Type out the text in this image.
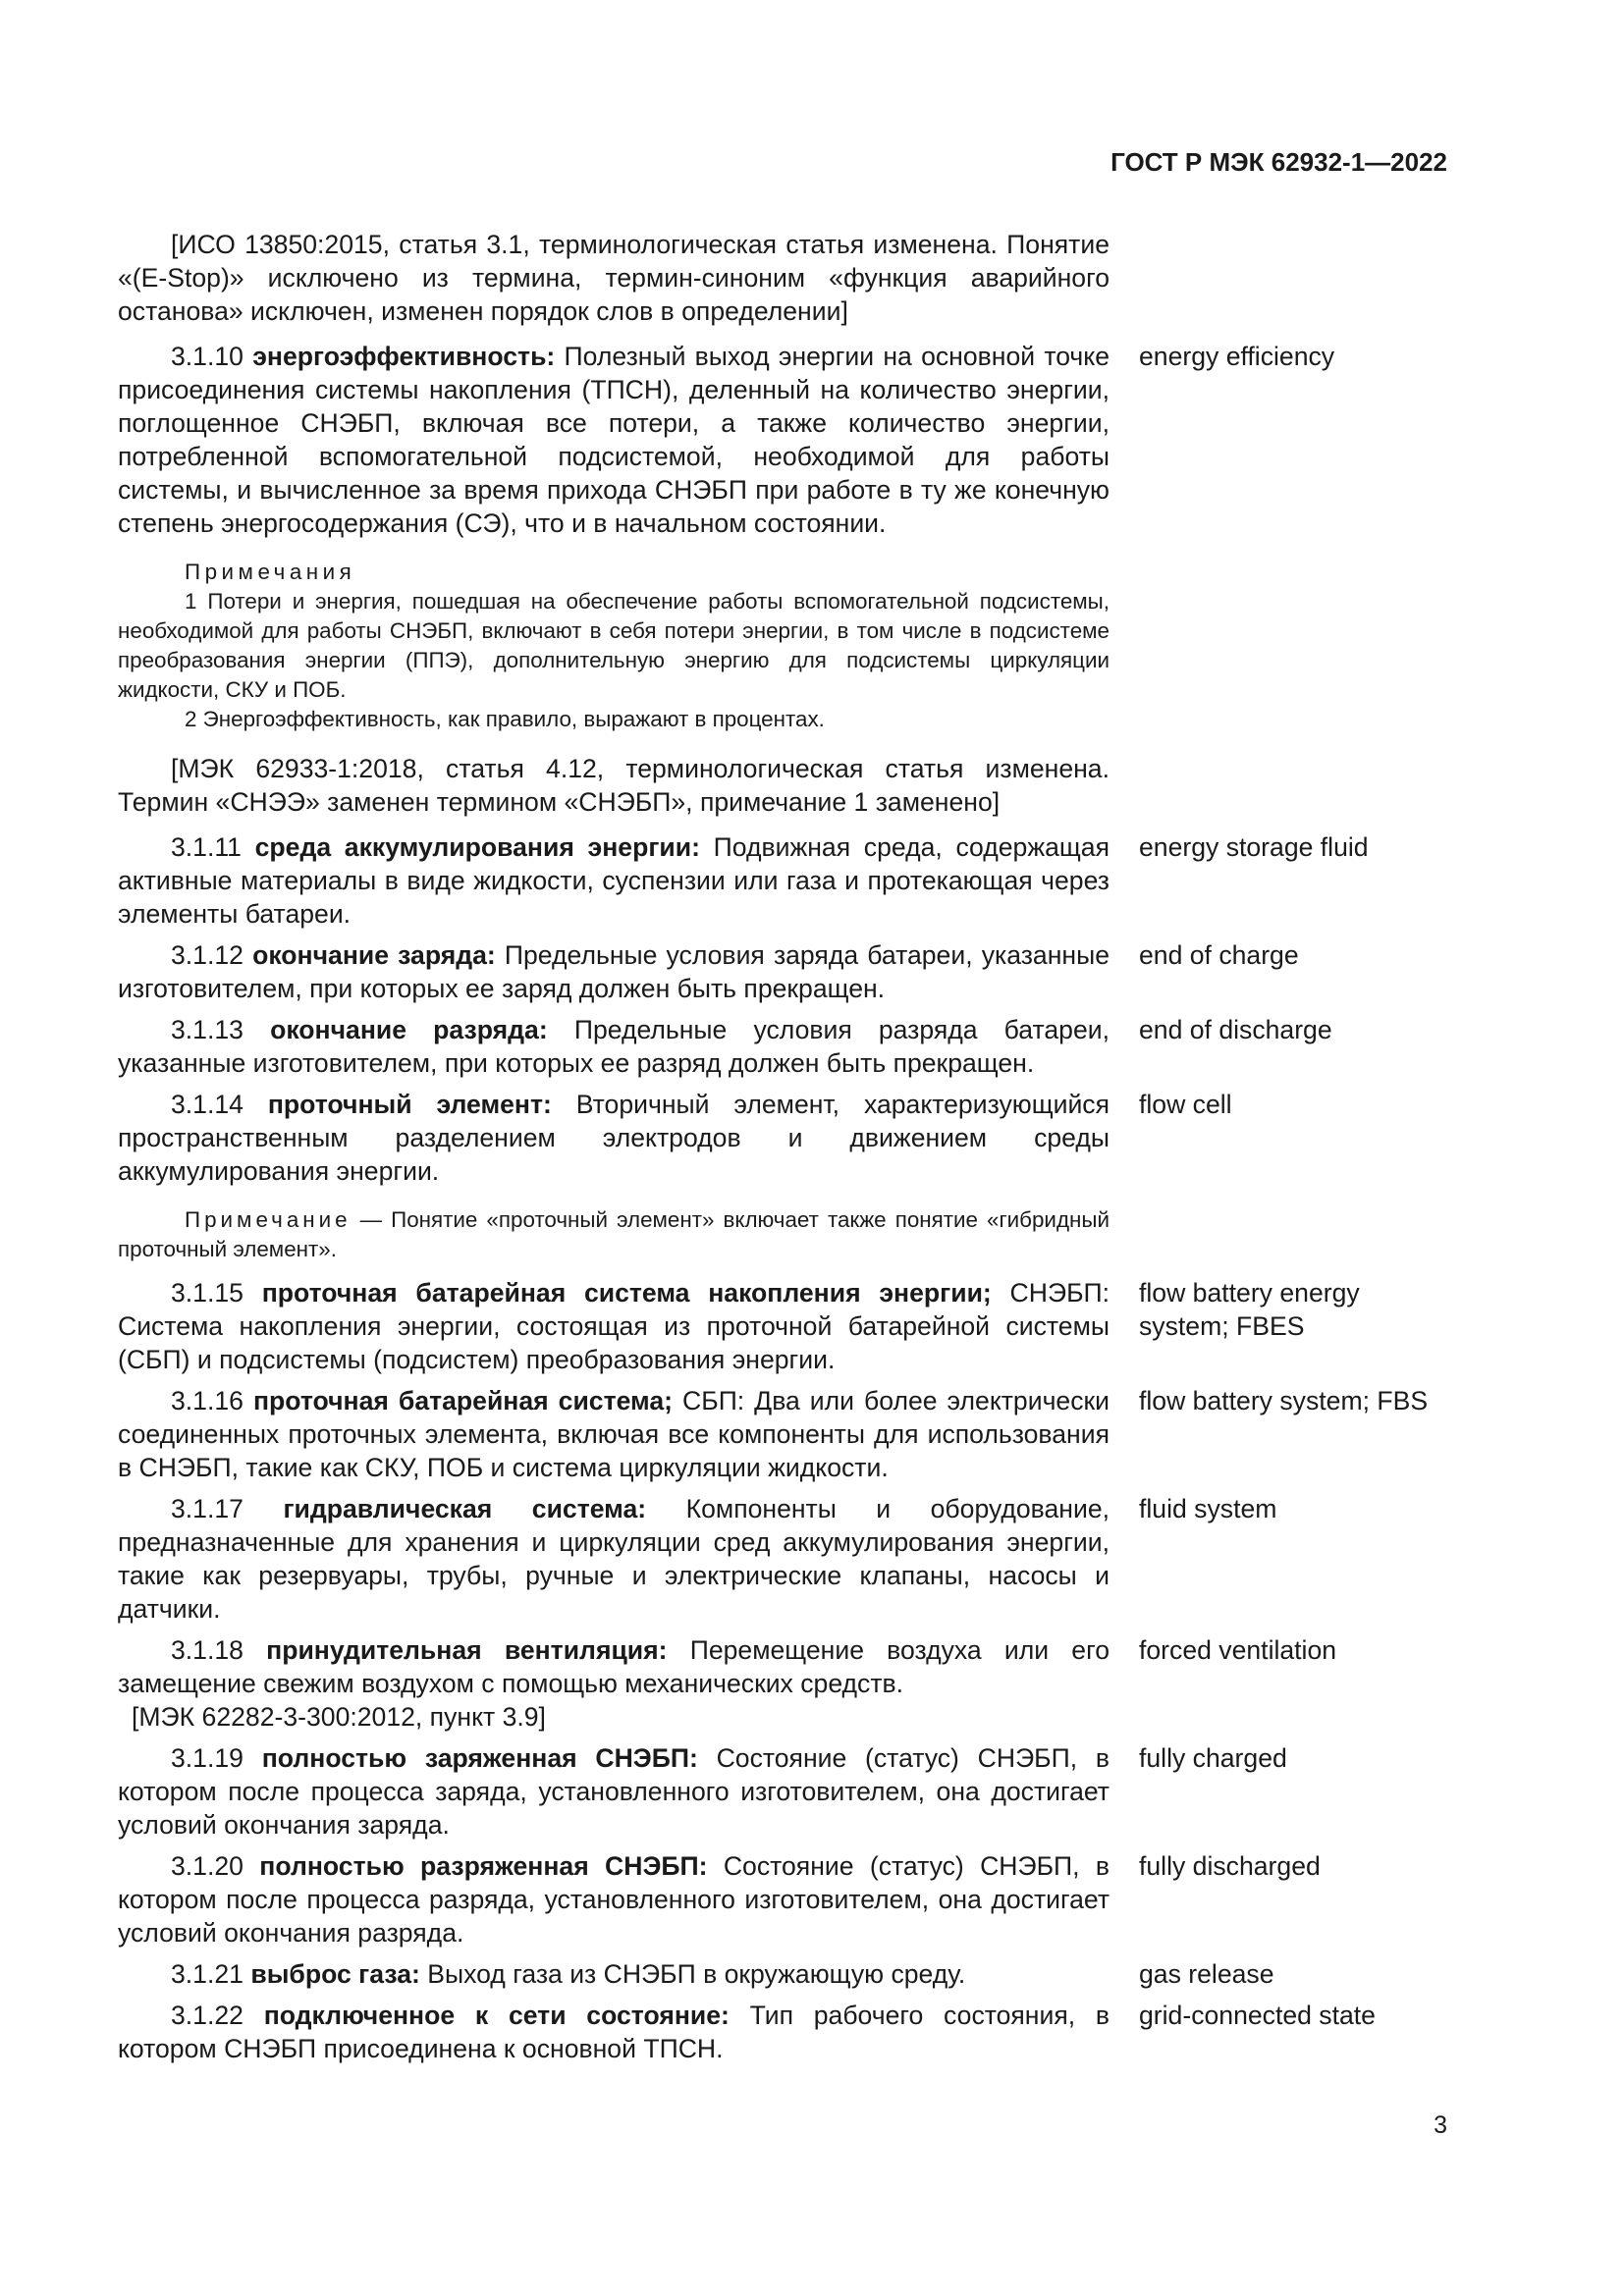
ГОСТ Р МЭК 62932-1—2022

[ИСО 13850:2015, статья 3.1, терминологическая статья изменена. Понятие «(E-Stop)» исключено из термина, термин-синоним «функция аварийного останова» исключен, изменен порядок слов в определении]

3.1.10 энергоэффективность: Полезный выход энергии на основной точке присоединения системы накопления (ТПСН), деленный на количество энергии, поглощенное СНЭБП, включая все потери, а также количество энергии, потребленной вспомогательной подсистемой, необходимой для работы системы, и вычисленное за время прихода СНЭБП при работе в ту же конечную степень энергосодержания (СЭ), что и в начальном состоянии.

energy efficiency

Примечания

1 Потери и энергия, пошедшая на обеспечение работы вспомогательной подсистемы, необходимой для работы СНЭБП, включают в себя потери энергии, в том числе в подсистеме преобразования энергии (ППЭ), дополнительную энергию для подсистемы циркуляции жидкости, СКУ и ПОБ.

2 Энергоэффективность, как правило, выражают в процентах.

[МЭК 62933-1:2018, статья 4.12, терминологическая статья изменена. Термин «СНЭЭ» заменен термином «СНЭБП», примечание 1 заменено]

3.1.11 среда аккумулирования энергии: Подвижная среда, содержащая активные материалы в виде жидкости, суспензии или газа и протекающая через элементы батареи.

energy storage fluid

3.1.12 окончание заряда: Предельные условия заряда батареи, указанные изготовителем, при которых ее заряд должен быть прекращен.

end of charge

3.1.13 окончание разряда: Предельные условия разряда батареи, указанные изготовителем, при которых ее разряд должен быть прекращен.

end of discharge

3.1.14 проточный элемент: Вторичный элемент, характеризующийся пространственным разделением электродов и движением среды аккумулирования энергии.

flow cell

Примечание — Понятие «проточный элемент» включает также понятие «гибридный проточный элемент».

3.1.15 проточная батарейная система накопления энергии; СНЭБП: Система накопления энергии, состоящая из проточной батарейной системы (СБП) и подсистемы (подсистем) преобразования энергии.

flow battery energy system; FBES

3.1.16 проточная батарейная система; СБП: Два или более электрически соединенных проточных элемента, включая все компоненты для использования в СНЭБП, такие как СКУ, ПОБ и система циркуляции жидкости.

flow battery system; FBS

3.1.17 гидравлическая система: Компоненты и оборудование, предназначенные для хранения и циркуляции сред аккумулирования энергии, такие как резервуары, трубы, ручные и электрические клапаны, насосы и датчики.

fluid system

3.1.18 принудительная вентиляция: Перемещение воздуха или его замещение свежим воздухом с помощью механических средств.

[МЭК 62282-3-300:2012, пункт 3.9]

forced ventilation

3.1.19 полностью заряженная СНЭБП: Состояние (статус) СНЭБП, в котором после процесса заряда, установленного изготовителем, она достигает условий окончания заряда.

fully charged

3.1.20 полностью разряженная СНЭБП: Состояние (статус) СНЭБП, в котором после процесса разряда, установленного изготовителем, она достигает условий окончания разряда.

fully discharged

3.1.21 выброс газа: Выход газа из СНЭБП в окружающую среду.	gas release

3.1.22 подключенное к сети состояние: Тип рабочего состояния, в котором СНЭБП присоединена к основной ТПСН.

grid-connected state
3
